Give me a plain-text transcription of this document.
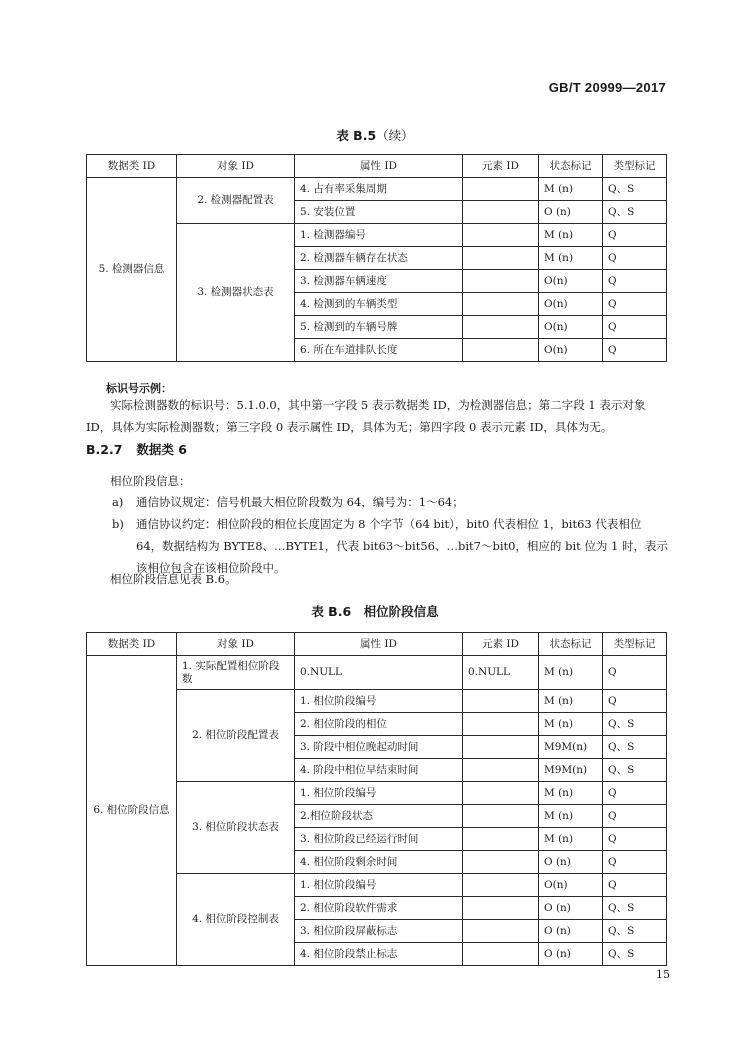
GB/T 20999—2017
表 B.5（续）
数据类 ID	对象 ID	属性 ID	元素 ID	状态标记	类型标记
5. 检测器信息	2. 检测器配置表	4. 占有率采集周期		M (n)	Q、S
		5. 安装位置		O (n)	Q、S
	3. 检测器状态表	1. 检测器编号		M (n)	Q
		2. 检测器车辆存在状态		M (n)	Q
		3. 检测器车辆速度		O(n)	Q
		4. 检测到的车辆类型		O(n)	Q
		5. 检测到的车辆号牌		O(n)	Q
		6. 所在车道排队长度		O(n)	Q
标识号示例：
实际检测器数的标识号：5.1.0.0，其中第一字段 5 表示数据类 ID，为检测器信息；第二字段 1 表示对象 ID，具体为实际检测器数；第三字段 0 表示属性 ID，具体为无；第四字段 0 表示元素 ID，具体为无。
B.2.7 数据类 6
相位阶段信息：
a)	通信协议规定：信号机最大相位阶段数为 64，编号为：1～64；
b)	通信协议约定：相位阶段的相位长度固定为 8 个字节（64 bit），bit0 代表相位 1，bit63 代表相位 64，数据结构为 BYTE8、…BYTE1，代表 bit63～bit56、…bit7～bit0，相应的 bit 位为 1 时，表示该相位包含在该相位阶段中。
相位阶段信息见表 B.6。
表 B.6　相位阶段信息
数据类 ID	对象 ID	属性 ID	元素 ID	状态标记	类型标记
6. 相位阶段信息	1. 实际配置相位阶段数	0.NULL	0.NULL	M (n)	Q
	2. 相位阶段配置表	1. 相位阶段编号		M (n)	Q
		2. 相位阶段的相位		M (n)	Q、S
		3. 阶段中相位晚起动时间		M9M(n)	Q、S
		4. 阶段中相位早结束时间		M9M(n)	Q、S
	3. 相位阶段状态表	1. 相位阶段编号		M (n)	Q
		2.相位阶段状态		M (n)	Q
		3. 相位阶段已经运行时间		M (n)	Q
		4. 相位阶段剩余时间		O (n)	Q
	4. 相位阶段控制表	1. 相位阶段编号		O(n)	Q
		2. 相位阶段软件需求		O (n)	Q、S
		3. 相位阶段屏蔽标志		O (n)	Q、S
		4. 相位阶段禁止标志		O (n)	Q、S
15
